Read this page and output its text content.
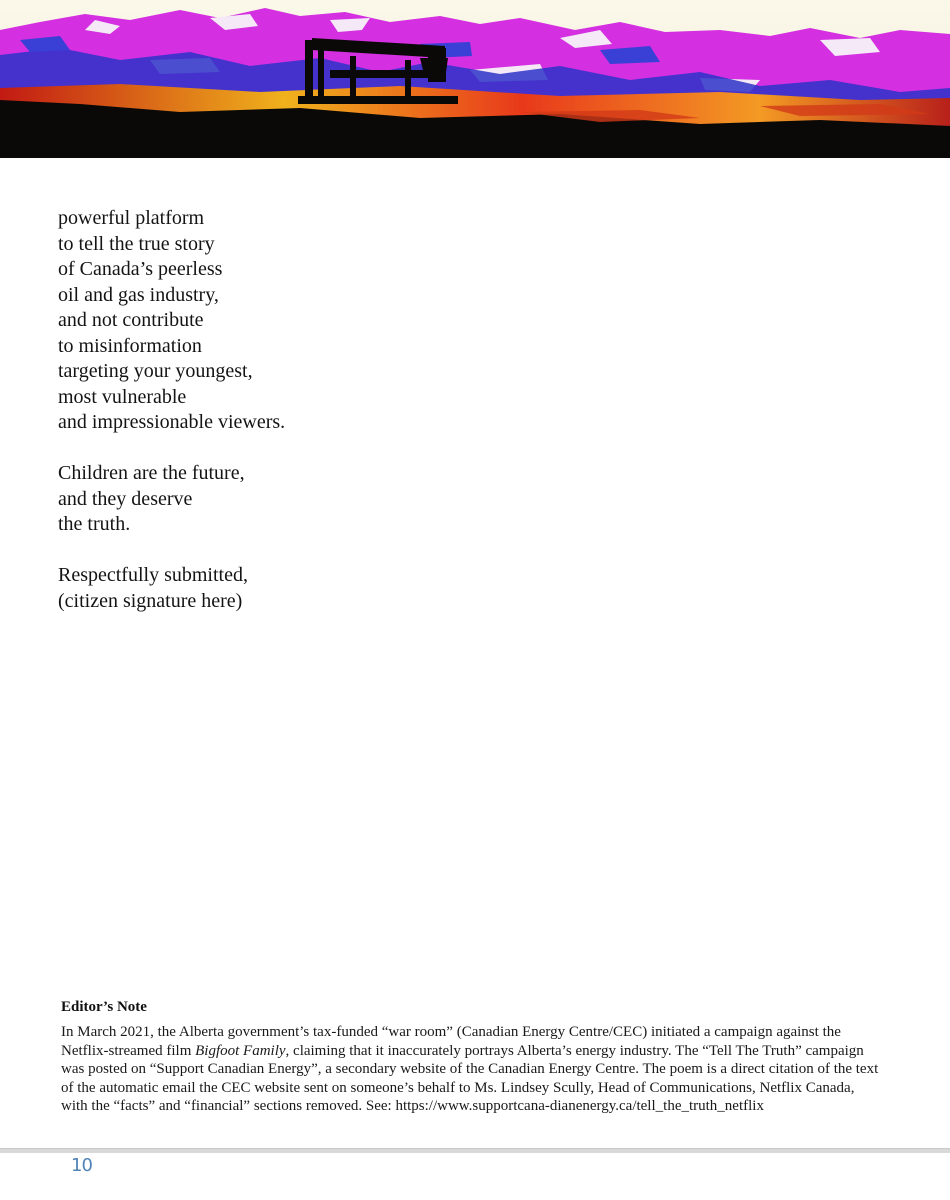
powerful platform
to tell the true story
of Canada’s peerless
oil and gas industry,
and not contribute
to misinformation
targeting your youngest,
most vulnerable
and impressionable viewers.
Children are the future,
and they deserve
the truth.
Respectfully submitted,
(citizen signature here)
Editor’s Note
In March 2021, the Alberta government’s tax-funded “war room” (Canadian Energy Centre/CEC) initiated a campaign against the Netflix-streamed film Bigfoot Family, claiming that it inaccurately portrays Alberta’s energy industry. The “Tell The Truth” campaign was posted on “Support Canadian Energy”, a secondary website of the Canadian Energy Centre. The poem is a direct citation of the text of the automatic email the CEC website sent on someone’s behalf to Ms. Lindsey Scully, Head of Communications, Netflix Canada, with the “facts” and “financial” sections removed. See: https://www.supportcana-dianenergy.ca/tell_the_truth_netflix
10
